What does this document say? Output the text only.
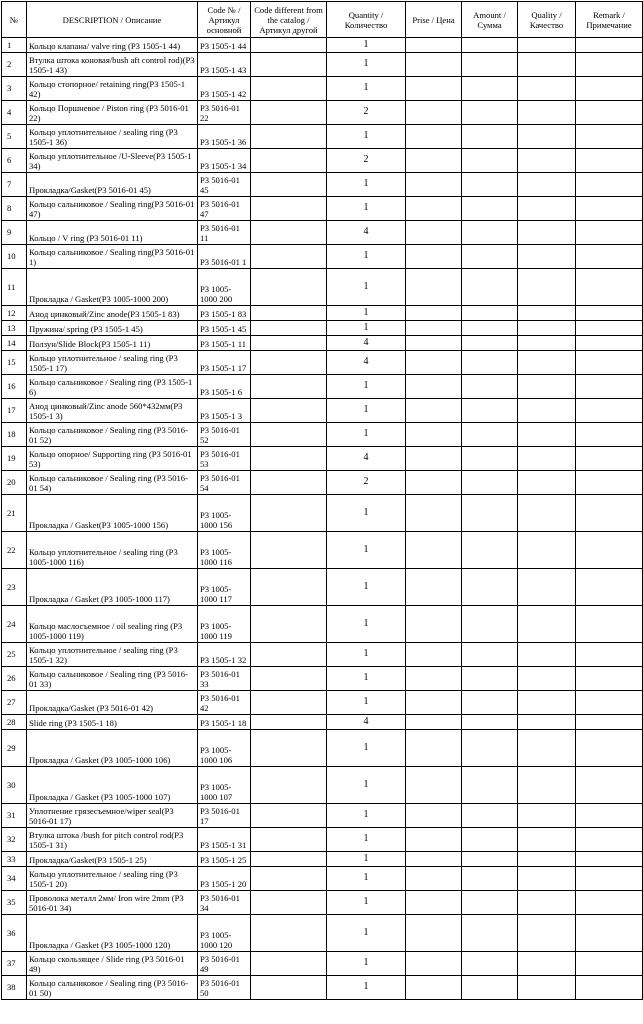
№	DESCRIPTION / Описание	Code № / Артикул основной	Code different from the catalog / Артикул другой	Quantity / Количество	Prise / Цена	Amount / Сумма	Quality / Качество	Remark / Примечание
1	Кольцо клапана/ valve ring (P3 1505-1 44)	P3 1505-1 44		1				
2	Втулка штока коновая/bush aft control rod)(P3 1505-1 43)	P3 1505-1 43		1				
3	Кольцо стопорное/ retaining ring(P3 1505-1 42)	P3 1505-1 42		1				
4	Кольцо Поршневое / Piston ring (P3 5016-01 22)	P3 5016-01 22		2				
5	Кольцо уплотнительное / sealing ring (P3 1505-1 36)	P3 1505-1 36		1				
6	Кольцо уплотнительное /U-Sleeve(P3 1505-1 34)	P3 1505-1 34		2				
7	Прокладка/Gasket(P3 5016-01 45)	P3 5016-01 45		1				
8	Кольцо сальниковое / Sealing ring(P3 5016-01 47)	P3 5016-01 47		1				
9	Кольцо / V ring (P3 5016-01 11)	P3 5016-01 11		4				
10	Кольцо сальниковое / Sealing ring(P3 5016-01 1)	P3 5016-01 1		1				
11	Прокладка / Gasket(P3 1005-1000 200)	P3 1005-1000 200		1				
12	Анод цинковый/Zinc anode(P3 1505-1 83)	P3 1505-1 83		1				
13	Пружина/ spring (P3 1505-1 45)	P3 1505-1 45		1				
14	Ползун/Slide Block(P3 1505-1 11)	P3 1505-1 11		4				
15	Кольцо уплотнительное / sealing ring (P3 1505-1 17)	P3 1505-1 17		4				
16	Кольцо сальниковое / Sealing ring (P3 1505-1 6)	P3 1505-1 6		1				
17	Анод цинковый/Zinc anode 560*432мм(P3 1505-1 3)	P3 1505-1 3		1				
18	Кольцо сальниковое / Sealing ring (P3 5016-01 52)	P3 5016-01 52		1				
19	Кольцо опорное/ Supporting ring (P3 5016-01 53)	P3 5016-01 53		4				
20	Кольцо сальниковое / Sealing ring (P3 5016-01 54)	P3 5016-01 54		2				
21	Прокладка / Gasket(P3 1005-1000 156)	P3 1005-1000 156		1				
22	Кольцо уплотнительное / sealing ring (P3 1005-1000 116)	P3 1005-1000 116		1				
23	Прокладка / Gasket (P3 1005-1000 117)	P3 1005-1000 117		1				
24	Кольцо маслосъемное / oil sealing ring (P3 1005-1000 119)	P3 1005-1000 119		1				
25	Кольцо уплотнительное / sealing ring (P3 1505-1 32)	P3 1505-1 32		1				
26	Кольцо сальниковое / Sealing ring (P3 5016-01 33)	P3 5016-01 33		1				
27	Прокладка/Gasket (P3 5016-01 42)	P3 5016-01 42		1				
28	Slide ring (P3 1505-1 18)	P3 1505-1 18		4				
29	Прокладка / Gasket (P3 1005-1000 106)	P3 1005-1000 106		1				
30	Прокладка / Gasket (P3 1005-1000 107)	P3 1005-1000 107		1				
31	Уплотнение грязесъемное/wiper seal(P3 5016-01 17)	P3 5016-01 17		1				
32	Втулка штока /bush for pitch control rod(P3 1505-1 31)	P3 1505-1 31		1				
33	Прокладка/Gasket(P3 1505-1 25)	P3 1505-1 25		1				
34	Кольцо уплотнительное / sealing ring (P3 1505-1 20)	P3 1505-1 20		1				
35	Проволока металл 2мм/ Iron wire 2mm (P3 5016-01 34)	P3 5016-01 34		1				
36	Прокладка / Gasket (P3 1005-1000 120)	P3 1005-1000 120		1				
37	Кольцо скользящее / Slide ring (P3 5016-01 49)	P3 5016-01 49		1				
38	Кольцо сальниковое / Sealing ring (P3 5016-01 50)	P3 5016-01 50		1				
